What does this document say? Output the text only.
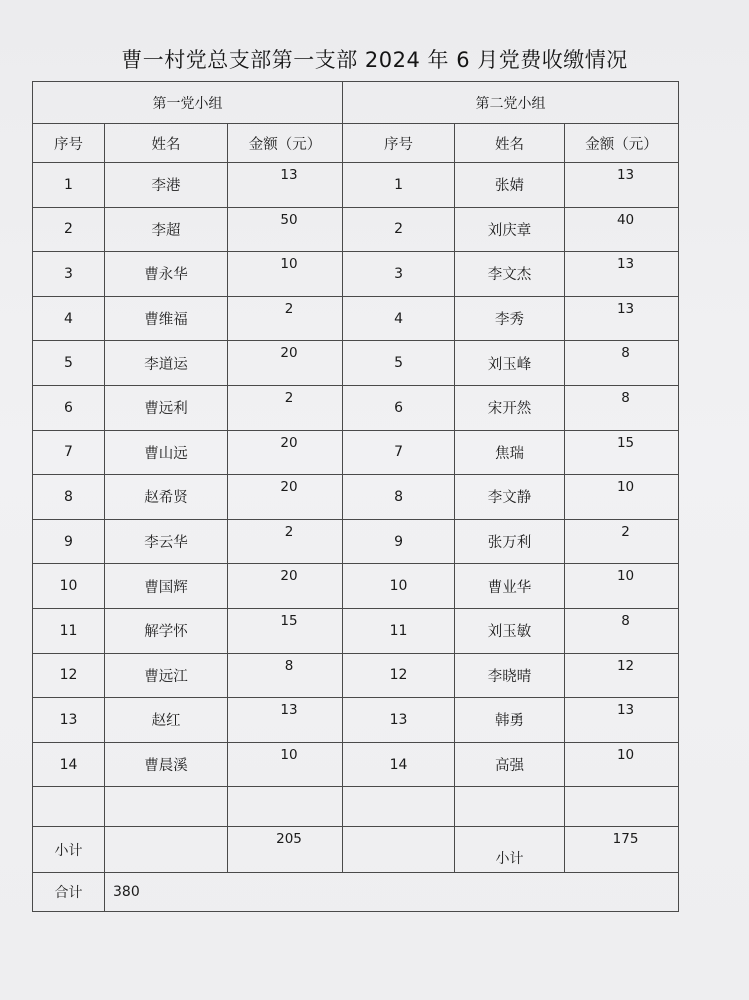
曹一村党总支部第一支部 2024 年 6 月党费收缴情况
第一党小组			第二党小组		
序号	姓名	金额（元）	序号	姓名	金额（元）
1	李港	13	1	张婧	13
2	李超	50	2	刘庆章	40
3	曹永华	10	3	李文杰	13
4	曹维福	2	4	李秀	13
5	李道运	20	5	刘玉峰	8
6	曹远利	2	6	宋开然	8
7	曹山远	20	7	焦瑞	15
8	赵希贤	20	8	李文静	10
9	李云华	2	9	张万利	2
10	曹国辉	20	10	曹业华	10
11	解学怀	15	11	刘玉敏	8
12	曹远江	8	12	李晓晴	12
13	赵红	13	13	韩勇	13
14	曹晨溪	10	14	高强	10

小计		205		小计	175
合计	380				
